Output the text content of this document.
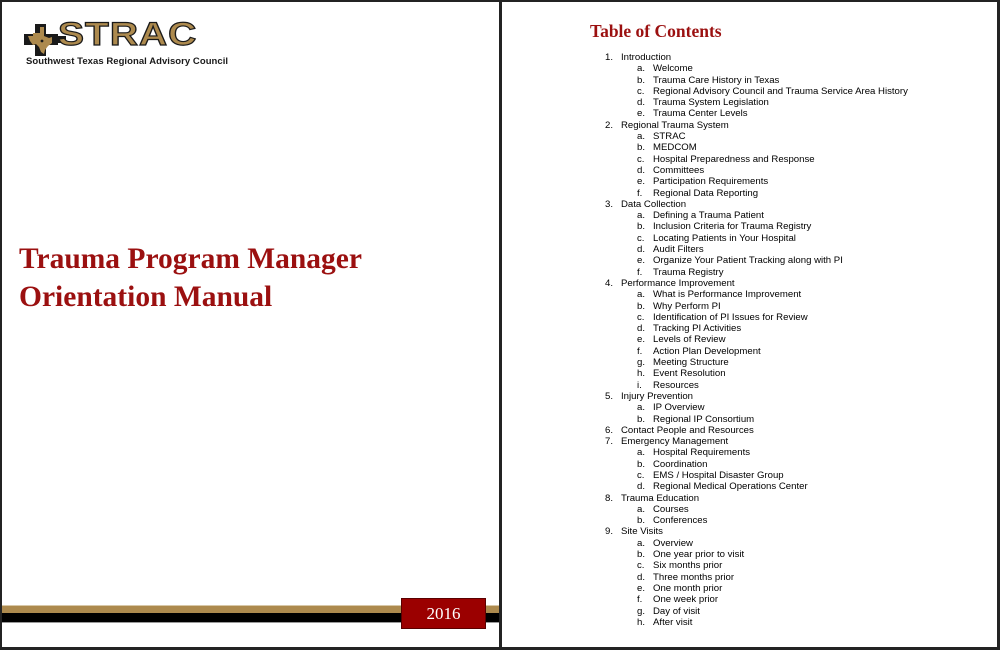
STRAC
Southwest Texas Regional Advisory Council
Trauma Program Manager
Orientation Manual
2016
Table of Contents
1. Introduction
a. Welcome
b. Trauma Care History in Texas
c. Regional Advisory Council and Trauma Service Area History
d. Trauma System Legislation
e. Trauma Center Levels
2. Regional Trauma System
a. STRAC
b. MEDCOM
c. Hospital Preparedness and Response
d. Committees
e. Participation Requirements
f. Regional Data Reporting
3. Data Collection
a. Defining a Trauma Patient
b. Inclusion Criteria for Trauma Registry
c. Locating Patients in Your Hospital
d. Audit Filters
e. Organize Your Patient Tracking along with PI
f. Trauma Registry
4. Performance Improvement
a. What is Performance Improvement
b. Why Perform PI
c. Identification of PI Issues for Review
d. Tracking PI Activities
e. Levels of Review
f. Action Plan Development
g. Meeting Structure
h. Event Resolution
i. Resources
5. Injury Prevention
a. IP Overview
b. Regional IP Consortium
6. Contact People and Resources
7. Emergency Management
a. Hospital Requirements
b. Coordination
c. EMS / Hospital Disaster Group
d. Regional Medical Operations Center
8. Trauma Education
a. Courses
b. Conferences
9. Site Visits
a. Overview
b. One year prior to visit
c. Six months prior
d. Three months prior
e. One month prior
f. One week prior
g. Day of visit
h. After visit
